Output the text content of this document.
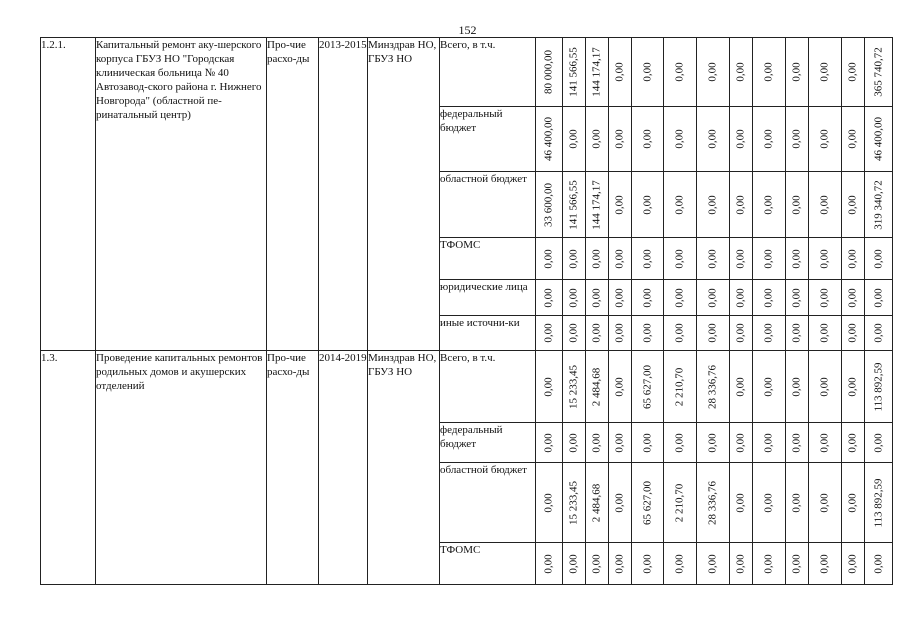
152
1.2.1.	Капитальный ремонт аку-шерского корпуса ГБУЗ НО "Городская клиническая больница № 40 Автозавод-ского района г. Нижнего Новгорода" (областной пе-ринатальный центр)	Про-чие расхо-ды	2013-2015	Минздрав НО, ГБУЗ НО	Всего, в т.ч.	80 000,00	141 566,55	144 174,17	0,00	0,00	0,00	0,00	0,00	0,00	0,00	0,00	0,00	365 740,72

					федеральный бюджет	46 400,00	0,00	0,00	0,00	0,00	0,00	0,00	0,00	0,00	0,00	0,00	0,00	46 400,00

					областной бюджет	33 600,00	141 566,55	144 174,17	0,00	0,00	0,00	0,00	0,00	0,00	0,00	0,00	0,00	319 340,72

					ТФОМС	0,00	0,00	0,00	0,00	0,00	0,00	0,00	0,00	0,00	0,00	0,00	0,00	0,00

					юридические лица	0,00	0,00	0,00	0,00	0,00	0,00	0,00	0,00	0,00	0,00	0,00	0,00	0,00

					иные источни-ки	0,00	0,00	0,00	0,00	0,00	0,00	0,00	0,00	0,00	0,00	0,00	0,00	0,00

1.3.	Проведение капитальных ремонтов родильных домов и акушерских отделений	Про-чие расхо-ды	2014-2019	Минздрав НО, ГБУЗ НО	Всего, в т.ч.	0,00	15 233,45	2 484,68	0,00	65 627,00	2 210,70	28 336,76	0,00	0,00	0,00	0,00	0,00	113 892,59

					федеральный бюджет	0,00	0,00	0,00	0,00	0,00	0,00	0,00	0,00	0,00	0,00	0,00	0,00	0,00

					областной бюджет	0,00	15 233,45	2 484,68	0,00	65 627,00	2 210,70	28 336,76	0,00	0,00	0,00	0,00	0,00	113 892,59

					ТФОМС	0,00	0,00	0,00	0,00	0,00	0,00	0,00	0,00	0,00	0,00	0,00	0,00	0,00
